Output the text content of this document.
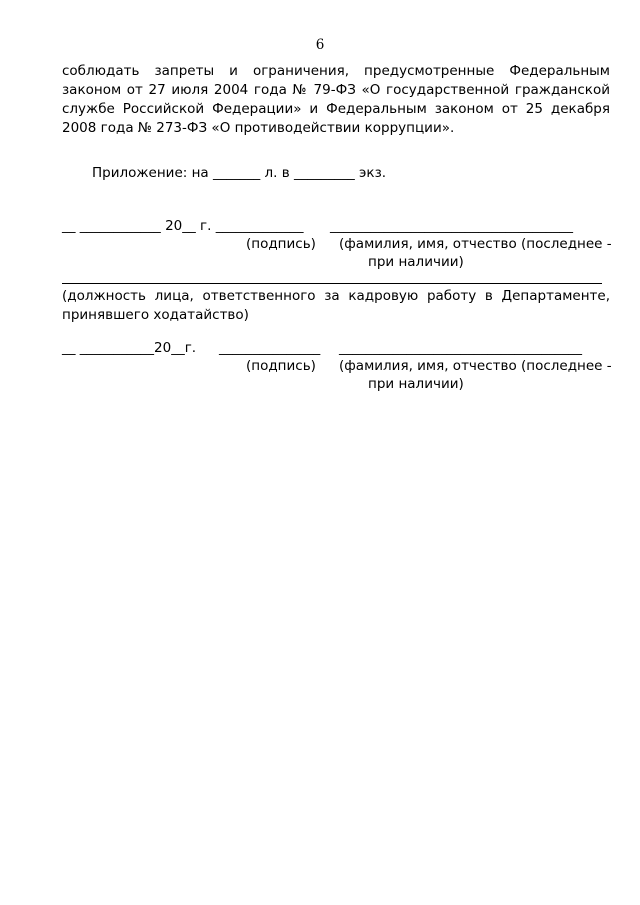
6
соблюдать запреты и ограничения, предусмотренные Федеральным законом от 27 июля 2004 года № 79-ФЗ «О государственной гражданской службе Российской Федерации» и Федеральным законом от 25 декабря 2008 года № 273-ФЗ «О противодействии коррупции».
Приложение: на _______ л. в _________ экз.
__ ____________ 20__ г. _____________ ____________________________________
(подпись) (фамилия, имя, отчество (последнее -
при наличии)
(должность лица, ответственного за кадровую работу в Департаменте, принявшего ходатайство)
__ ___________20__г. _______________ ____________________________________
(подпись) (фамилия, имя, отчество (последнее -
при наличии)
